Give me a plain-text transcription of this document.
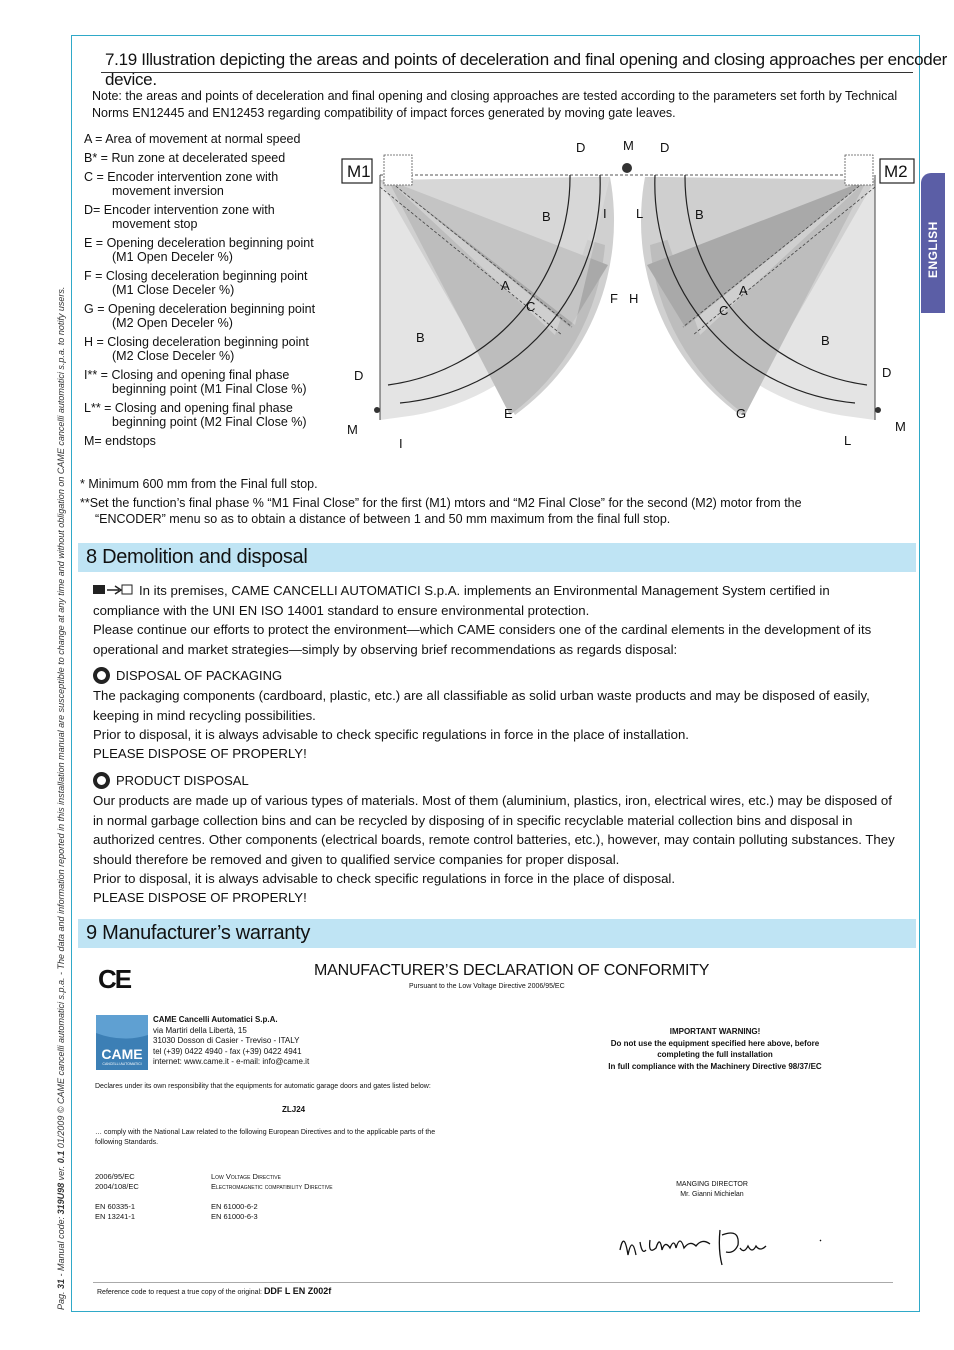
Pag. 31 - Manual code: 319U98 ver. 0.1 01/2009 © CAME cancelli automatici s.p.a. - The data and information reported in this installation manual are susceptible to change at any time and without obligation on CAME cancelli automatici s.p.a. to notify users.
ENGLISH
7.19 Illustration depicting the areas and points of deceleration and final opening and closing approaches per encoder device.
Note: the areas and points of deceleration and final opening and closing approaches are tested according to the parameters set forth by Technical Norms EN12445 and EN12453 regarding compatibility of impact forces generated by moving gate leaves.
A = Area of movement at normal speed
B* = Run zone at decelerated speed
C = Encoder intervention zone with
movement inversion
D= Encoder intervention zone with
movement stop
E = Opening deceleration beginning point
(M1 Open Deceler %)
F = Closing deceleration beginning point
(M1 Close Deceler %)
G = Opening deceleration beginning point
(M2 Open Deceler %)
H = Closing deceleration beginning point
(M2 Close Deceler %)
I** = Closing and opening final phase
beginning point (M1 Final Close %)
L** = Closing and opening final phase
beginning point (M2 Final Close %)
M= endstops
M1	M2
D	M D
B	I L	B
A
C
F H
A
C
B	B
D	D
M	M
E	G
I	L
* Minimum 600 mm from the Final full stop.
**Set the function’s final phase % “M1 Final Close” for the first (M1) mtors and “M2 Final Close” for the second (M2) motor from the
“ENCODER” menu so as to obtain a distance of between 1 and 50 mm maximum from the final full stop.
8 Demolition and disposal
In its premises, CAME CANCELLI AUTOMATICI S.p.A. implements an Environmental Management System certified in compliance with the UNI EN ISO 14001 standard to ensure environmental protection.
Please continue our efforts to protect the environment—which CAME considers one of the cardinal elements in the development of its operational and market strategies—simply by observing brief recommendations as regards disposal:
DISPOSAL OF PACKAGING
The packaging components (cardboard, plastic, etc.) are all classifiable as solid urban waste products and may be disposed of easily, keeping in mind recycling possibilities.
Prior to disposal, it is always advisable to check specific regulations in force in the place of installation.
PLEASE DISPOSE OF PROPERLY!
PRODUCT DISPOSAL
Our products are made up of various types of materials. Most of them (aluminium, plastics, iron, electrical wires, etc.) may be disposed of in normal garbage collection bins and can be recycled by disposing of in specific recyclable material collection bins and disposal in authorized centres. Other components (electrical boards, remote control batteries, etc.), however, may contain polluting substances. They should therefore be removed and given to qualified service companies for proper disposal.
Prior to disposal, it is always advisable to check specific regulations in force in the place of disposal.
PLEASE DISPOSE OF PROPERLY!
9 Manufacturer’s warranty
CE	MANUFACTURER’S DECLARATION OF CONFORMITY
Pursuant to the Low Voltage Directive 2006/95/EC
CAME
CANCELLI AUTOMATICI
CAME Cancelli Automatici S.p.A.
via Martiri della Libertà, 15
31030 Dosson di Casier - Treviso - ITALY
tel (+39) 0422 4940 - fax (+39) 0422 4941
internet: www.came.it - e-mail: info@came.it
IMPORTANT WARNING!
Do not use the equipment specified here above, before
completing the full installation
In full compliance with the Machinery Directive 98/37/EC
Declares under its own responsibility that the equipments for automatic garage doors and gates listed below:
ZLJ24
… comply with the National Law related to the following European Directives and to the applicable parts of the
following Standards.
2006/95/EC	Low Voltage Directive
2004/108/EC	Electromagnetic compatibility Directive

EN 60335-1	EN 61000-6-2
EN 13241-1	EN 61000-6-3
MANGING DIRECTOR
Mr. Gianni Michielan
Reference code to request a true copy of the original: DDF L EN Z002f
